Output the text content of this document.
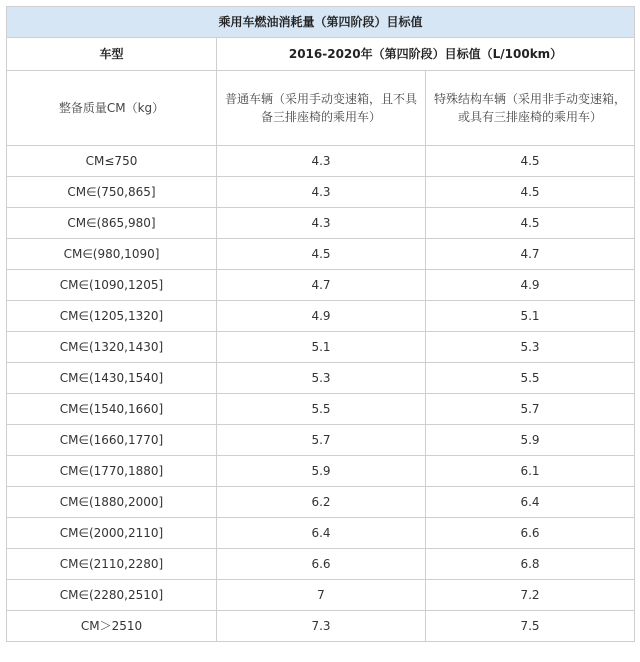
乘用车燃油消耗量（第四阶段）目标值		
车型	2016-2020年（第四阶段）目标值（L/100km）	
整备质量CM（kg）	普通车辆（采用手动变速箱，且不具备三排座椅的乘用车）	特殊结构车辆（采用非手动变速箱，或具有三排座椅的乘用车）
CM≤750	4.3	4.5
CM∈(750,865]	4.3	4.5
CM∈(865,980]	4.3	4.5
CM∈(980,1090]	4.5	4.7
CM∈(1090,1205]	4.7	4.9
CM∈(1205,1320]	4.9	5.1
CM∈(1320,1430]	5.1	5.3
CM∈(1430,1540]	5.3	5.5
CM∈(1540,1660]	5.5	5.7
CM∈(1660,1770]	5.7	5.9
CM∈(1770,1880]	5.9	6.1
CM∈(1880,2000]	6.2	6.4
CM∈(2000,2110]	6.4	6.6
CM∈(2110,2280]	6.6	6.8
CM∈(2280,2510]	7	7.2
CM＞2510	7.3	7.5
